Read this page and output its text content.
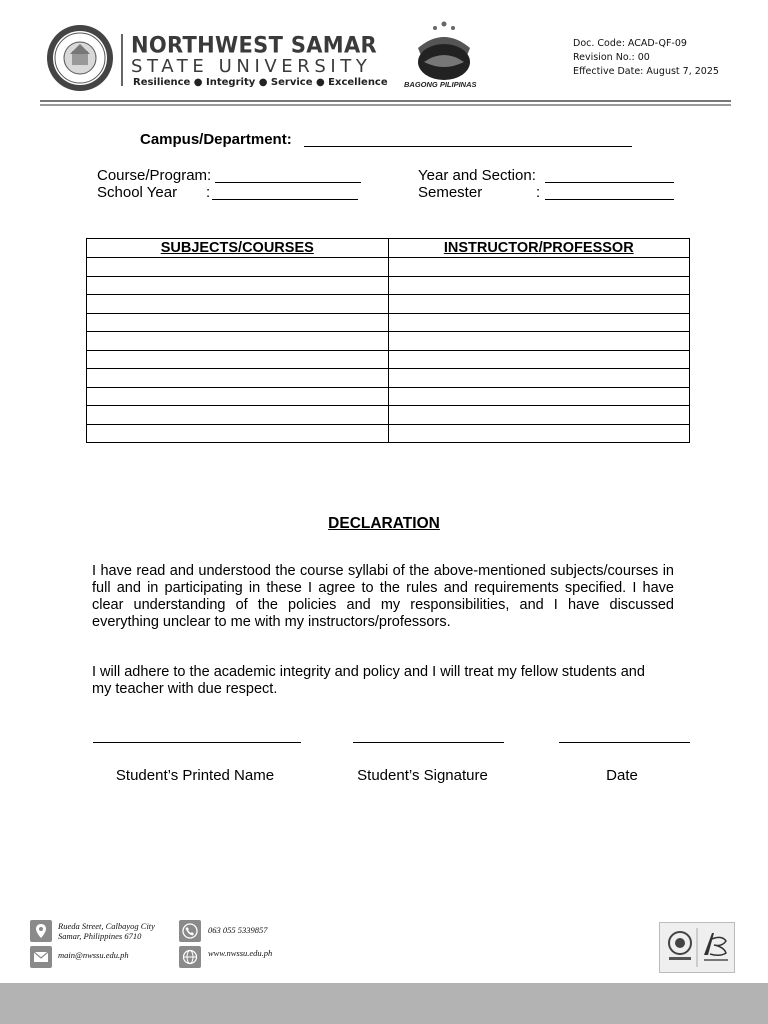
NORTHWEST SAMAR
STATE UNIVERSITY
Resilience ● Integrity ● Service ● Excellence BAGONG PILIPINAS
Doc. Code: ACAD-QF-09
Revision No.: 00
Effective Date: August 7, 2025
Campus/Department:
Course/Program:
School Year :
Year and Section:
Semester	:
SUBJECTS/COURSES	INSTRUCTOR/PROFESSOR

DECLARATION
I have read and understood the course syllabi of the above-mentioned subjects/courses in full and in participating in these I agree to the rules and requirements specified. I have clear understanding of the policies and my responsibilities, and I have discussed everything unclear to me with my instructors/professors.
I will adhere to the academic integrity and policy and I will treat my fellow students and my teacher with due respect.
Student’s Printed Name	Student’s Signature	Date
Rueda Street, Calbayog City
Samar, Philippines 6710
main@nwssu.edu.ph
063 055 5339857
www.nwssu.edu.ph
